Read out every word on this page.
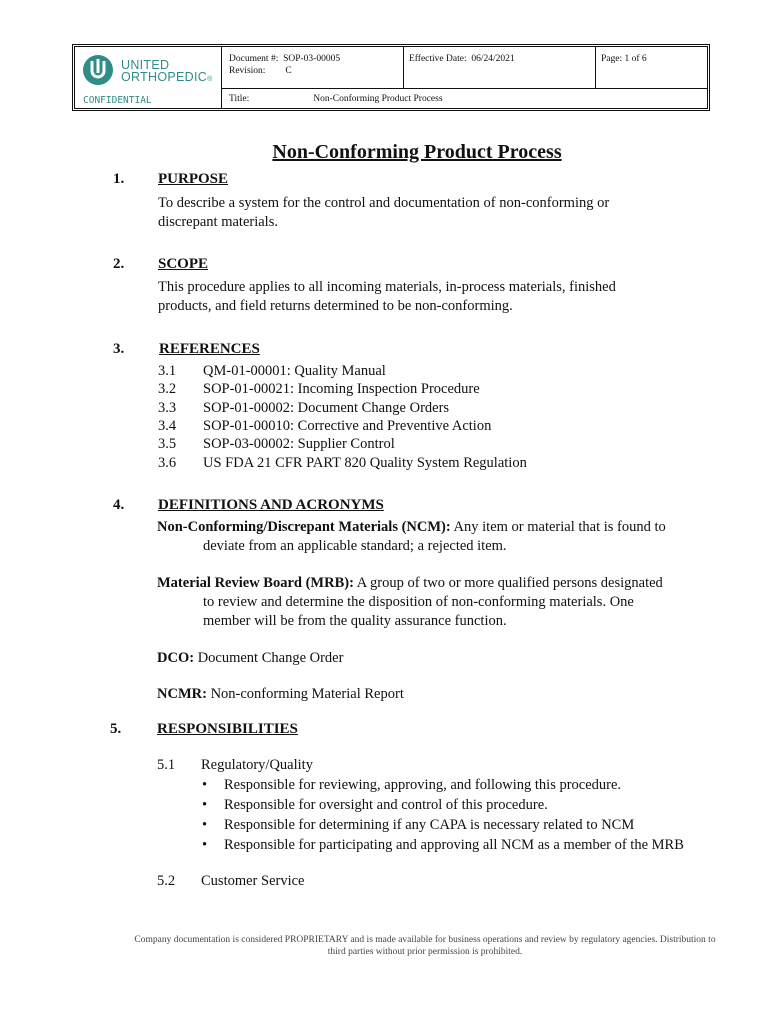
UNITED
ORTHOPEDIC®
CONFIDENTIAL
Document #: SOP-03-00005
Revision: C
Effective Date: 06/24/2021	Page: 1 of 6
Title:	Non-Conforming Product Process
Non-Conforming Product Process
1. PURPOSE
To describe a system for the control and documentation of non-conforming or
discrepant materials.
2. SCOPE
This procedure applies to all incoming materials, in-process materials, finished
products, and field returns determined to be non-conforming.
3. REFERENCES
3.1 QM-01-00001: Quality Manual
3.2 SOP-01-00021: Incoming Inspection Procedure
3.3 SOP-01-00002: Document Change Orders
3.4 SOP-01-00010: Corrective and Preventive Action
3.5 SOP-03-00002: Supplier Control
3.6 US FDA 21 CFR PART 820 Quality System Regulation
4. DEFINITIONS AND ACRONYMS
Non-Conforming/Discrepant Materials (NCM): Any item or material that is found to
deviate from an applicable standard; a rejected item.
Material Review Board (MRB): A group of two or more qualified persons designated
to review and determine the disposition of non-conforming materials. One
member will be from the quality assurance function.
DCO: Document Change Order
NCMR: Non-conforming Material Report
5. RESPONSIBILITIES
5.1 Regulatory/Quality
• Responsible for reviewing, approving, and following this procedure.
• Responsible for oversight and control of this procedure.
• Responsible for determining if any CAPA is necessary related to NCM
• Responsible for participating and approving all NCM as a member of the MRB
5.2 Customer Service
Company documentation is considered PROPRIETARY and is made available for business operations and review by regulatory agencies. Distribution to
third parties without prior permission is prohibited.
